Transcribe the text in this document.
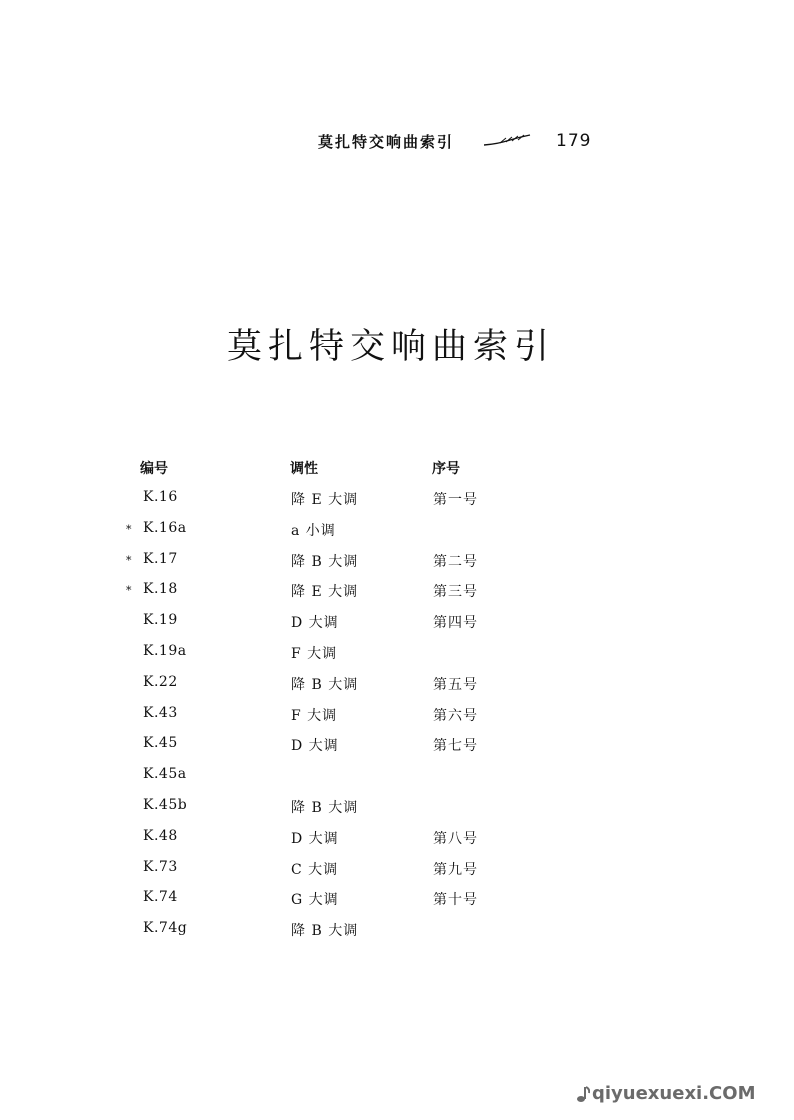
莫扎特交响曲索引	179
莫扎特交响曲索引
编号	调性	序号
K.16	降 E 大调	第一号
* K.16a	a 小调
* K.17	降 B 大调	第二号
* K.18	降 E 大调	第三号
K.19	D 大调	第四号
K.19a	F 大调
K.22	降 B 大调	第五号
K.43	F 大调	第六号
K.45	D 大调	第七号
K.45a
K.45b	降 B 大调
K.48	D 大调	第八号
K.73	C 大调	第九号
K.74	G 大调	第十号
K.74g	降 B 大调
qiyuexuexi.COM
